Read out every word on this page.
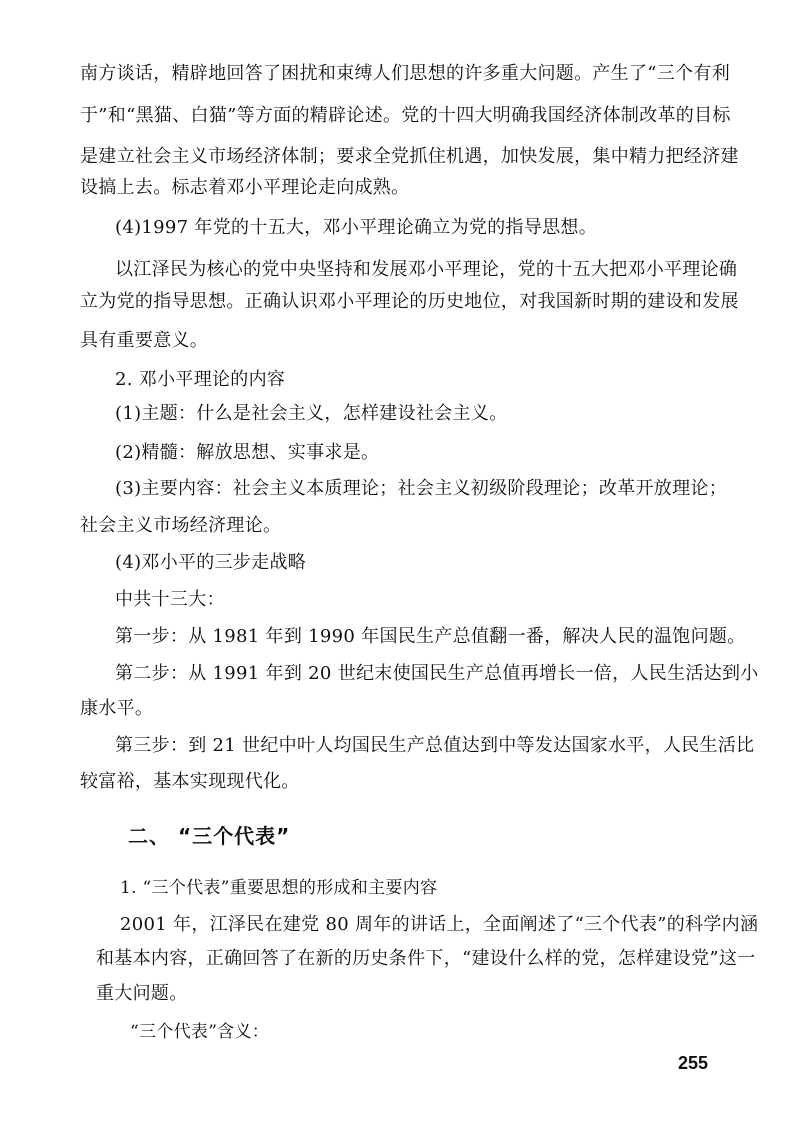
南方谈话，精辟地回答了困扰和束缚人们思想的许多重大问题。产生了“三个有利
于”和“黑猫、白猫”等方面的精辟论述。党的十四大明确我国经济体制改革的目标
是建立社会主义市场经济体制；要求全党抓住机遇，加快发展，集中精力把经济建
设搞上去。标志着邓小平理论走向成熟。
(4)1997 年党的十五大，邓小平理论确立为党的指导思想。
以江泽民为核心的党中央坚持和发展邓小平理论，党的十五大把邓小平理论确
立为党的指导思想。正确认识邓小平理论的历史地位，对我国新时期的建设和发展
具有重要意义。
2. 邓小平理论的内容
(1)主题：什么是社会主义，怎样建设社会主义。
(2)精髓：解放思想、实事求是。
(3)主要内容：社会主义本质理论；社会主义初级阶段理论；改革开放理论；
社会主义市场经济理论。
(4)邓小平的三步走战略
中共十三大：
第一步：从 1981 年到 1990 年国民生产总值翻一番，解决人民的温饱问题。
第二步：从 1991 年到 20 世纪末使国民生产总值再增长一倍，人民生活达到小
康水平。
第三步：到 21 世纪中叶人均国民生产总值达到中等发达国家水平，人民生活比
较富裕，基本实现现代化。
二、 “三个代表”
1. “三个代表”重要思想的形成和主要内容
2001 年，江泽民在建党 80 周年的讲话上，全面阐述了“三个代表”的科学内涵
和基本内容，正确回答了在新的历史条件下，“建设什么样的党，怎样建设党”这一
重大问题。
“三个代表”含义：
255
